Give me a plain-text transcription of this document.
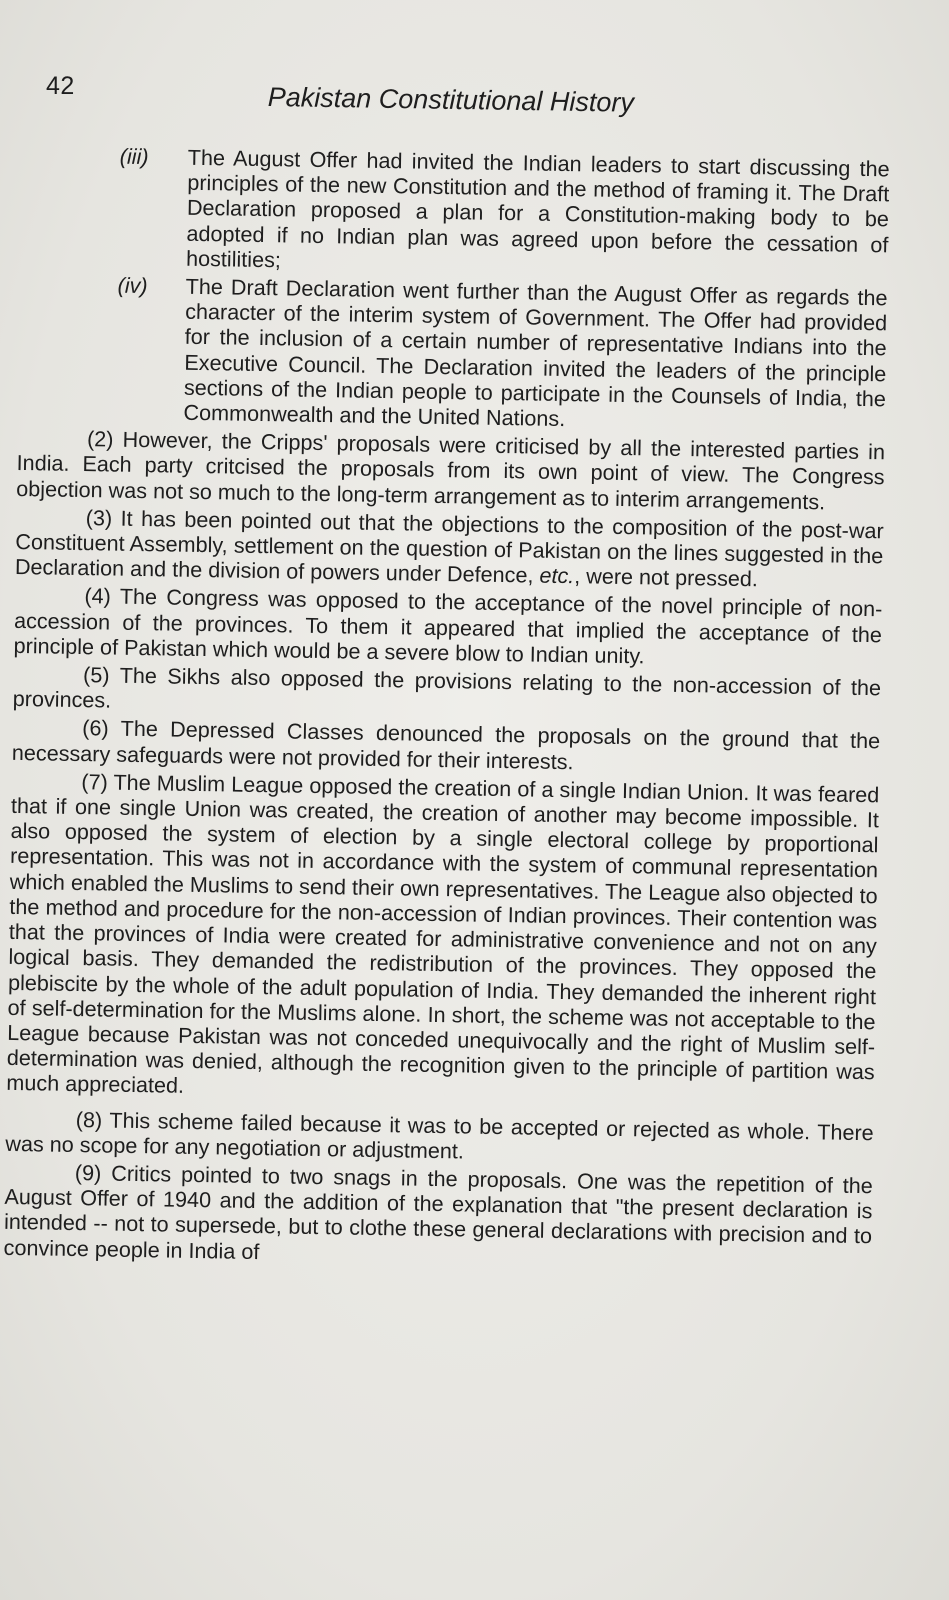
42	Pakistan Constitutional History
(iii) The August Offer had invited the Indian leaders to start discussing the principles of the new Constitution and the method of framing it. The Draft Declaration proposed a plan for a Constitution-making body to be adopted if no Indian plan was agreed upon before the cessation of hostilities;
(iv) The Draft Declaration went further than the August Offer as regards the character of the interim system of Government. The Offer had provided for the inclusion of a certain number of representative Indians into the Executive Council. The Declaration invited the leaders of the principle sections of the Indian people to participate in the Counsels of India, the Commonwealth and the United Nations.

(2) However, the Cripps' proposals were criticised by all the interested parties in India. Each party critcised the proposals from its own point of view. The Congress objection was not so much to the long-term arrangement as to interim arrangements.

(3) It has been pointed out that the objections to the composition of the post-war Constituent Assembly, settlement on the question of Pakistan on the lines suggested in the Declaration and the division of powers under Defence, etc., were not pressed.

(4) The Congress was opposed to the acceptance of the novel principle of non-accession of the provinces. To them it appeared that implied the acceptance of the principle of Pakistan which would be a severe blow to Indian unity.

(5) The Sikhs also opposed the provisions relating to the non-accession of the provinces.

(6) The Depressed Classes denounced the proposals on the ground that the necessary safeguards were not provided for their interests.

(7) The Muslim League opposed the creation of a single Indian Union. It was feared that if one single Union was created, the creation of another may become impossible. It also opposed the system of election by a single electoral college by proportional representation. This was not in accordance with the system of communal representation which enabled the Muslims to send their own representatives. The League also objected to the method and procedure for the non-accession of Indian provinces. Their contention was that the provinces of India were created for administrative convenience and not on any logical basis. They demanded the redistribution of the provinces. They opposed the plebiscite by the whole of the adult population of India. They demanded the inherent right of self-determination for the Muslims alone. In short, the scheme was not acceptable to the League because Pakistan was not conceded unequivocally and the right of Muslim self-determination was denied, although the recognition given to the principle of partition was much appreciated.

(8) This scheme failed because it was to be accepted or rejected as whole. There was no scope for any negotiation or adjustment.

(9) Critics pointed to two snags in the proposals. One was the repetition of the August Offer of 1940 and the addition of the explanation that "the present declaration is intended -- not to supersede, but to clothe these general declarations with precision and to convince people in India of
